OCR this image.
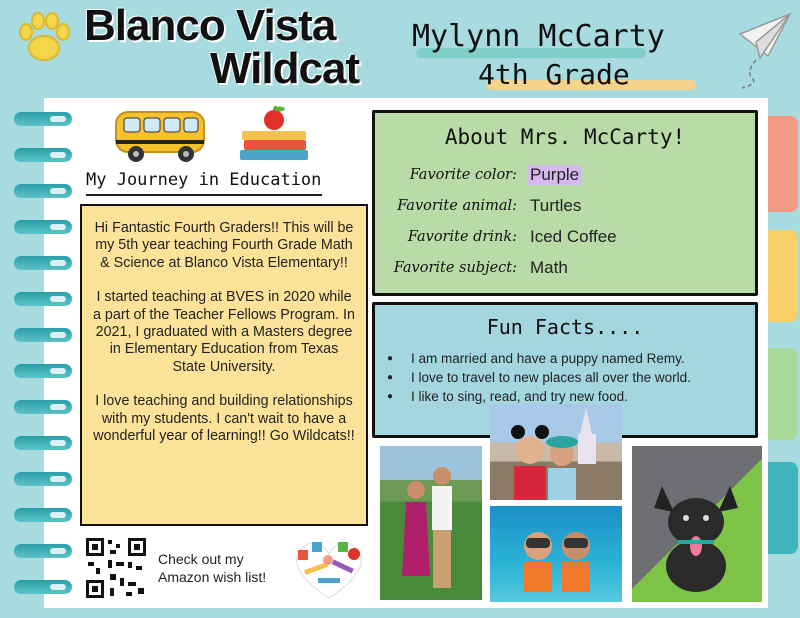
Blanco Vista
Wildcat
Mylynn McCarty
4th Grade
My Journey in Education

Hi Fantastic Fourth Graders!! This will be my 5th year teaching Fourth Grade Math & Science at Blanco Vista Elementary!!

I started teaching at BVES in 2020 while a part of the Teacher Fellows Program. In 2021, I graduated with a Masters degree in Elementary Education from Texas State University.

I love teaching and building relationships with my students. I can't wait to have a wonderful year of learning!! Go Wildcats!!

Check out my
Amazon wish list!
About Mrs. McCarty!
Favorite color: Purple
Favorite animal: Turtles
Favorite drink: Iced Coffee
Favorite subject: Math
Fun Facts....
● I am married and have a puppy named Remy.
● I love to travel to new places all over the world.
● I like to sing, read, and try new food.
